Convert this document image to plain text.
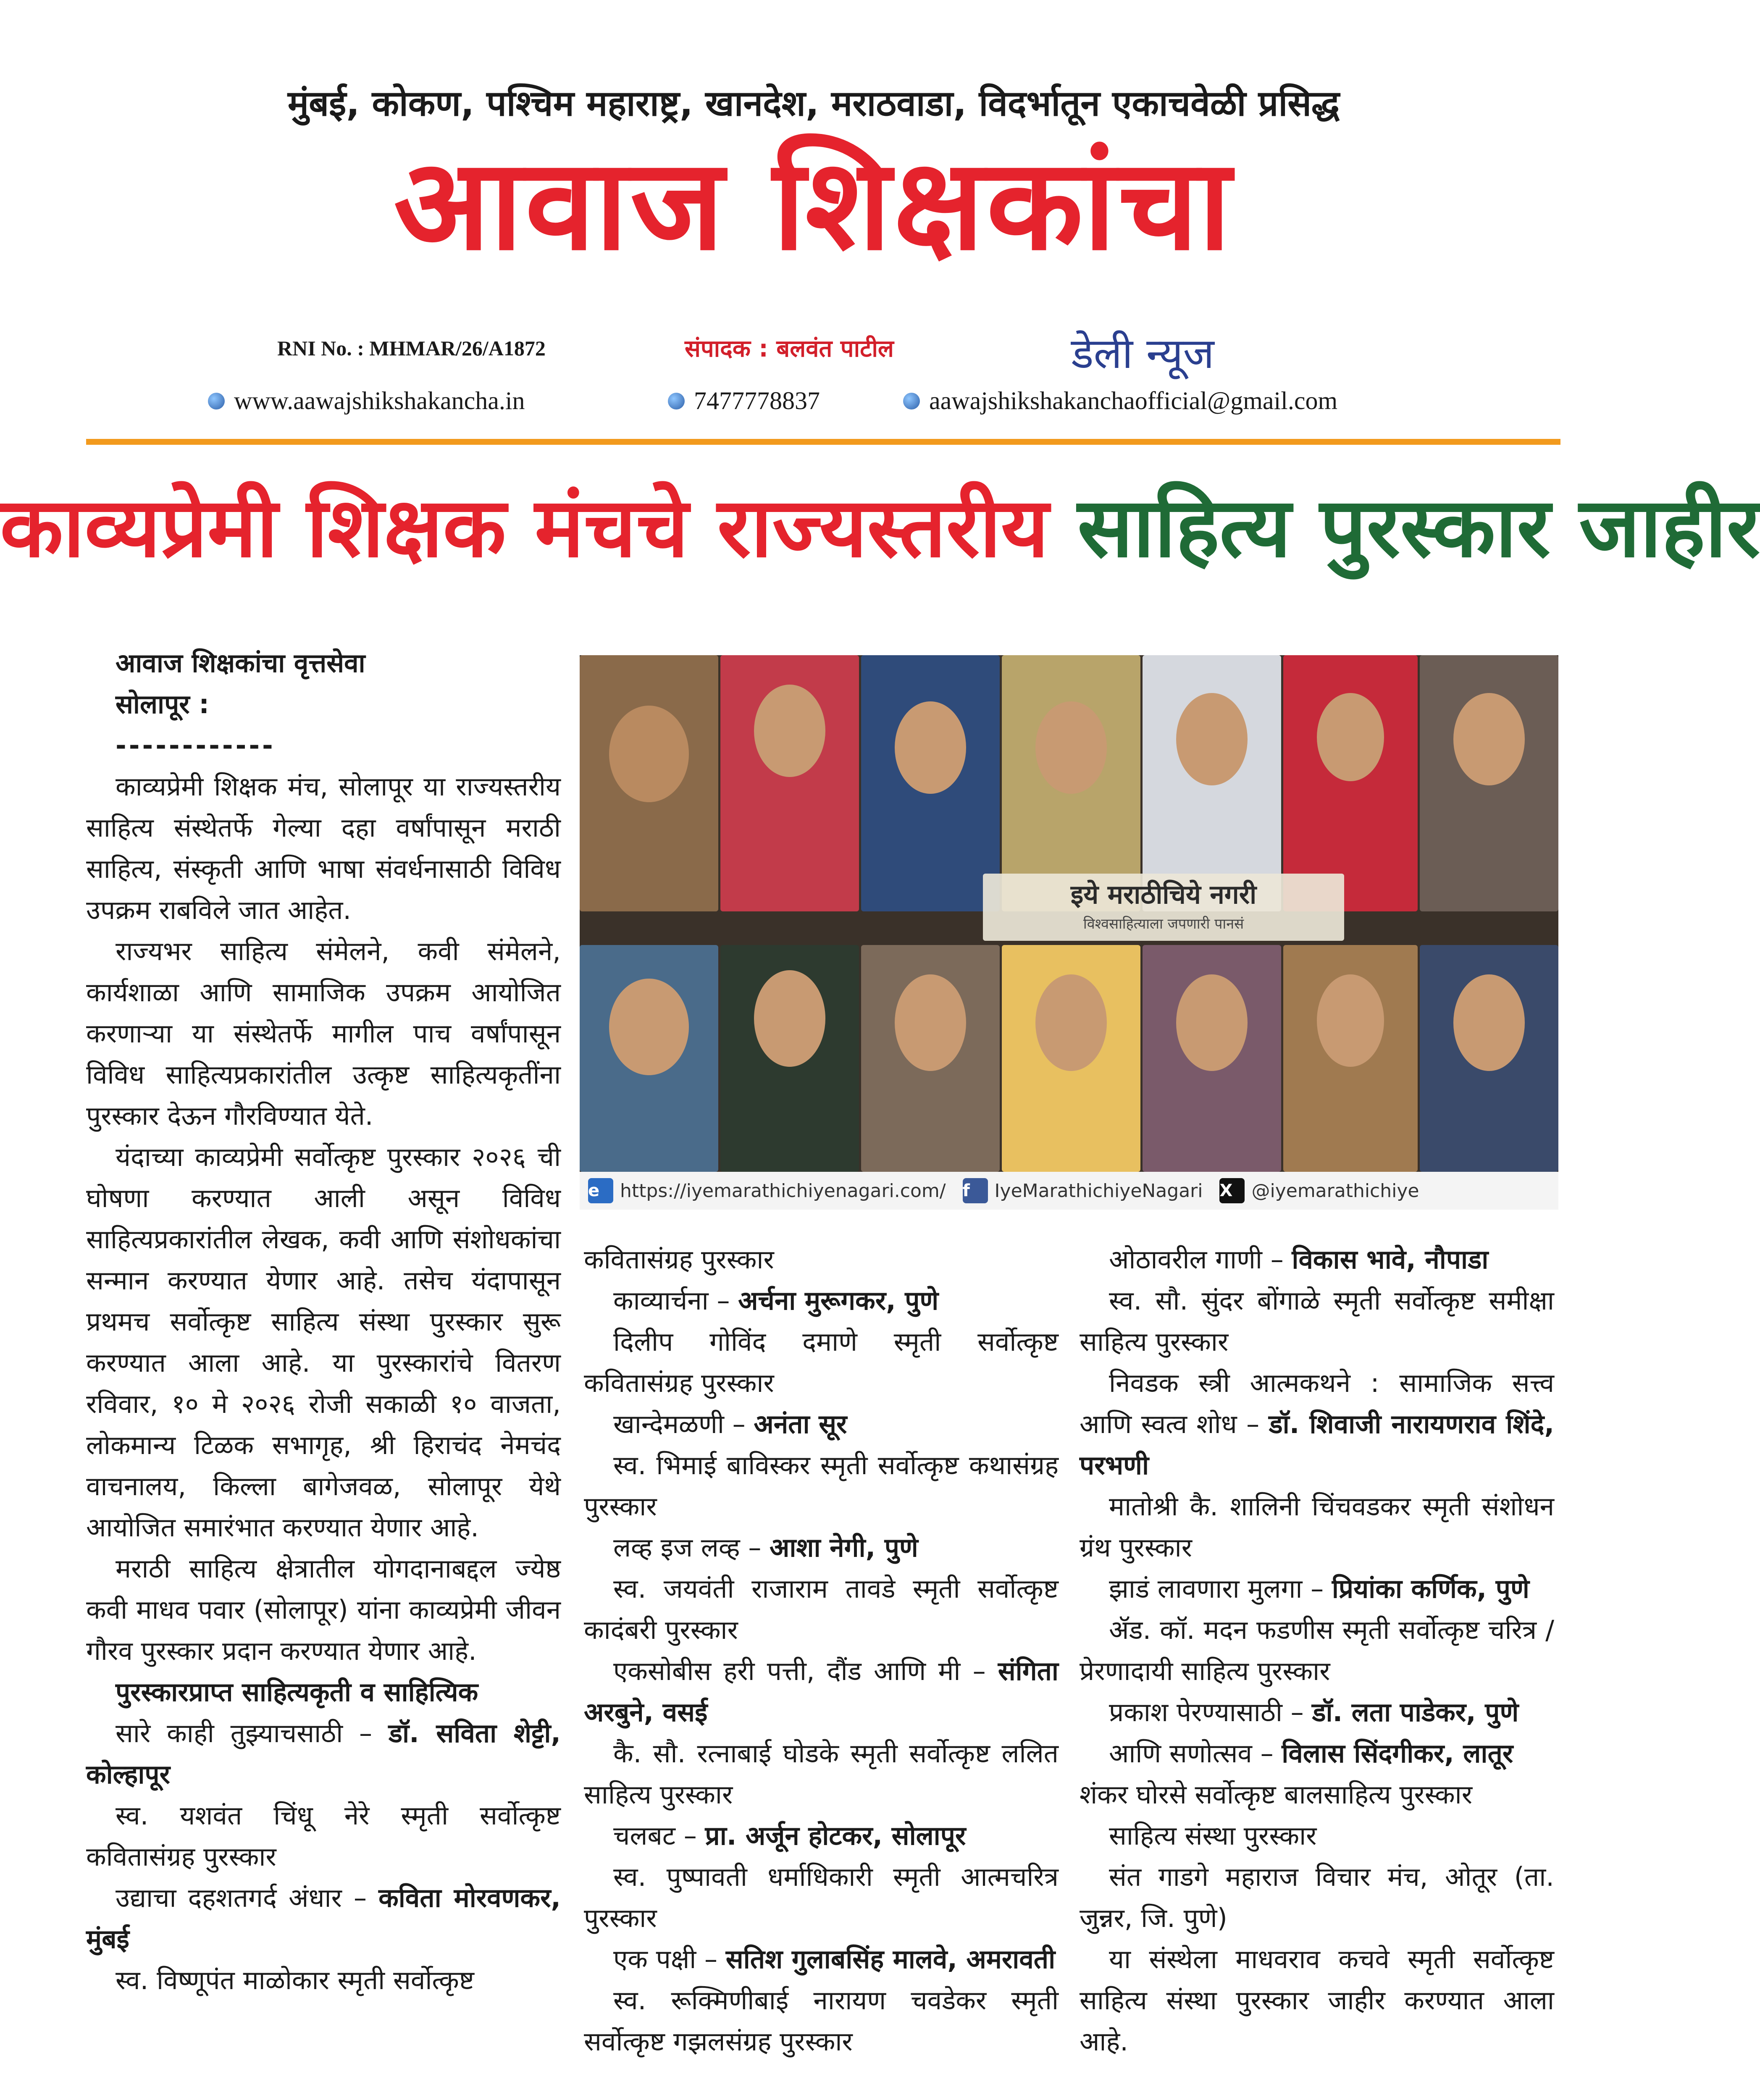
मुंबई, कोकण, पश्चिम महाराष्ट्र, खानदेश, मराठवाडा, विदर्भातून एकाचवेळी प्रसिद्ध
आवाज शिक्षकांचा
RNI No. : MHMAR/26/A1872	संपादक : बलवंत पाटील	डेली न्यूज
www.aawajshikshakancha.in	7477778837	aawajshikshakanchaofficial@gmail.com
काव्यप्रेमी शिक्षक मंचचे राज्यस्तरीय साहित्य पुरस्कार जाहीर

आवाज शिक्षकांचा वृत्तसेवा

सोलापूर :

------------

काव्यप्रेमी शिक्षक मंच, सोलापूर या राज्यस्तरीय साहित्य संस्थेतर्फे गेल्या दहा वर्षांपासून मराठी साहित्य, संस्कृती आणि भाषा संवर्धनासाठी विविध उपक्रम राबविले जात आहेत.

राज्यभर साहित्य संमेलने, कवी संमेलने, कार्यशाळा आणि सामाजिक उपक्रम आयोजित करणाऱ्या या संस्थेतर्फे मागील पाच वर्षांपासून विविध साहित्यप्रकारांतील उत्कृष्ट साहित्यकृतींना पुरस्कार देऊन गौरविण्यात येते.

यंदाच्या काव्यप्रेमी सर्वोत्कृष्ट पुरस्कार २०२६ ची घोषणा करण्यात आली असून विविध साहित्यप्रकारांतील लेखक, कवी आणि संशोधकांचा सन्मान करण्यात येणार आहे. तसेच यंदापासून प्रथमच सर्वोत्कृष्ट साहित्य संस्था पुरस्कार सुरू करण्यात आला आहे. या पुरस्कारांचे वितरण रविवार, १० मे २०२६ रोजी सकाळी १० वाजता, लोकमान्य टिळक सभागृह, श्री हिराचंद नेमचंद वाचनालय, किल्ला बागेजवळ, सोलापूर येथे आयोजित समारंभात करण्यात येणार आहे.

मराठी साहित्य क्षेत्रातील योगदानाबद्दल ज्येष्ठ कवी माधव पवार (सोलापूर) यांना काव्यप्रेमी जीवन गौरव पुरस्कार प्रदान करण्यात येणार आहे.

पुरस्कारप्राप्त साहित्यकृती व साहित्यिक

सारे काही तुझ्याचसाठी – डॉ. सविता शेट्टी, कोल्हापूर

स्व. यशवंत चिंधू नेरे स्मृती सर्वोत्कृष्ट कवितासंग्रह पुरस्कार

उद्याचा दहशतगर्द अंधार – कविता मोरवणकर, मुंबई

स्व. विष्णूपंत माळोकार स्मृती सर्वोत्कृष्ट

इये मराठीचिये नगरी
विश्वसाहित्याला जपणारी पानसं
e	https://iyemarathichiyenagari.com/ f	IyeMarathichiyeNagari X	@iyemarathichiye

कवितासंग्रह पुरस्कार

काव्यार्चना – अर्चना मुरूगकर, पुणे

दिलीप गोविंद दमाणे स्मृती सर्वोत्कृष्ट कवितासंग्रह पुरस्कार

खान्देमळणी – अनंता सूर

स्व. भिमाई बाविस्कर स्मृती सर्वोत्कृष्ट कथासंग्रह पुरस्कार

लव्ह इज लव्ह – आशा नेगी, पुणे

स्व. जयवंती राजाराम तावडे स्मृती सर्वोत्कृष्ट कादंबरी पुरस्कार

एकसोबीस हरी पत्ती, दौंड आणि मी – संगिता अरबुने, वसई

कै. सौ. रत्नाबाई घोडके स्मृती सर्वोत्कृष्ट ललित साहित्य पुरस्कार

चलबट – प्रा. अर्जून होटकर, सोलापूर

स्व. पुष्पावती धर्माधिकारी स्मृती आत्मचरित्र पुरस्कार

एक पक्षी – सतिश गुलाबसिंह मालवे, अमरावती

स्व. रूक्मिणीबाई नारायण चवडेकर स्मृती सर्वोत्कृष्ट गझलसंग्रह पुरस्कार

ओठावरील गाणी – विकास भावे, नौपाडा

स्व. सौ. सुंदर बोंगाळे स्मृती सर्वोत्कृष्ट समीक्षा साहित्य पुरस्कार

निवडक स्त्री आत्मकथने : सामाजिक सत्त्व आणि स्वत्व शोध – डॉ. शिवाजी नारायणराव शिंदे, परभणी

मातोश्री कै. शालिनी चिंचवडकर स्मृती संशोधन ग्रंथ पुरस्कार

झाडं लावणारा मुलगा – प्रियांका कर्णिक, पुणे

ॲड. कॉ. मदन फडणीस स्मृती सर्वोत्कृष्ट चरित्र / प्रेरणादायी साहित्य पुरस्कार

प्रकाश पेरण्यासाठी – डॉ. लता पाडेकर, पुणे

आणि सणोत्सव – विलास सिंदगीकर, लातूर

शंकर घोरसे सर्वोत्कृष्ट बालसाहित्य पुरस्कार

साहित्य संस्था पुरस्कार

संत गाडगे महाराज विचार मंच, ओतूर (ता. जुन्नर, जि. पुणे)

या संस्थेला माधवराव कचवे स्मृती सर्वोत्कृष्ट साहित्य संस्था पुरस्कार जाहीर करण्यात आला आहे.
